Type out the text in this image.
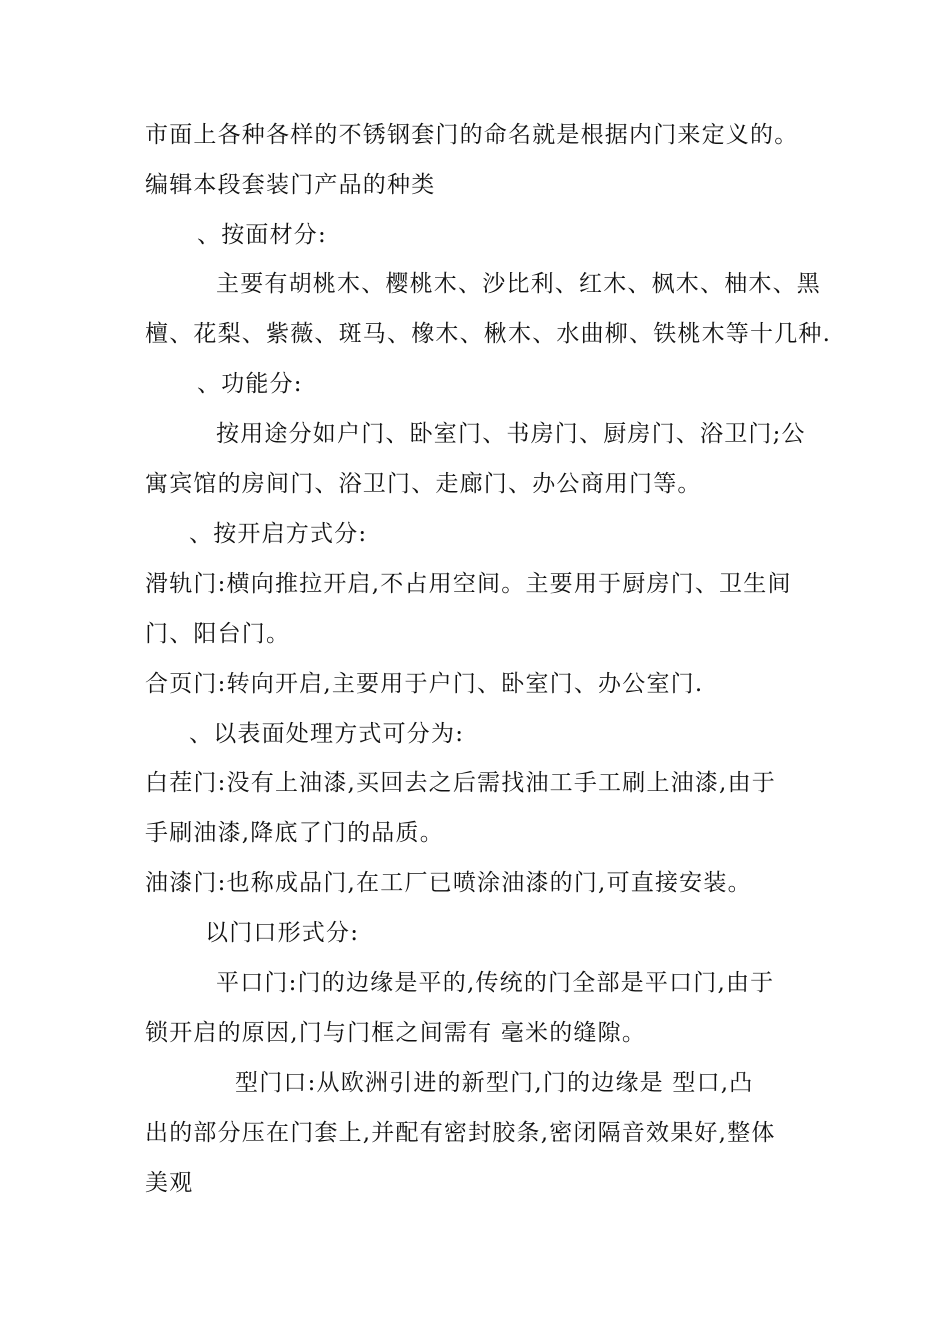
市面上各种各样的不锈钢套门的命名就是根据内门来定义的。
编辑本段套装门产品的种类
、按面材分:
主要有胡桃木、樱桃木、沙比利、红木、枫木、柚木、黑
檀、花梨、紫薇、斑马、橡木、楸木、水曲柳、铁桃木等十几种.
、功能分:
按用途分如户门、卧室门、书房门、厨房门、浴卫门;公
寓宾馆的房间门、浴卫门、走廊门、办公商用门等。
、按开启方式分:
滑轨门:横向推拉开启,不占用空间。主要用于厨房门、卫生间
门、阳台门。
合页门:转向开启,主要用于户门、卧室门、办公室门.
、以表面处理方式可分为:
白茬门:没有上油漆,买回去之后需找油工手工刷上油漆,由于
手刷油漆,降底了门的品质。
油漆门:也称成品门,在工厂已喷涂油漆的门,可直接安装。
以门口形式分:
平口门:门的边缘是平的,传统的门全部是平口门,由于
锁开启的原因,门与门框之间需有 毫米的缝隙。
型门口:从欧洲引进的新型门,门的边缘是 型口,凸
出的部分压在门套上,并配有密封胶条,密闭隔音效果好,整体
美观
